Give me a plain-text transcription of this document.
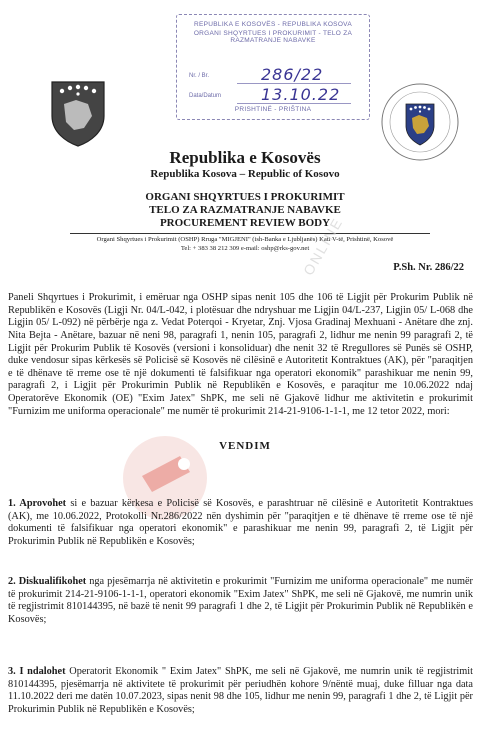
REPUBLIKA E KOSOVËS - REPUBLIKA KOSOVA
ORGANI SHQYRTUES I PROKURIMIT - TELO ZA RAZMATRANJE NABAVKE
Nr. / Br.	286/22
Data/Datum 13.10.22
PRISHTINË - PRIŠTINA
Republika e Kosovës
Republika Kosova – Republic of Kosovo
ORGANI SHQYRTUES I PROKURIMIT
TELO ZA RAZMATRANJE NABAVKE
PROCUREMENT REVIEW BODY
Organi Shqyrtues i Prokurimit (OSHP) Rruga "MIGJENI" (ish-Banka e Ljubljanës) Kati V-të, Prishtinë, Kosovë
Tel: + 383 38 212 309 e-mail: oshp@rks-gov.net
P.Sh. Nr. 286/22
ONLINE

Paneli Shqyrtues i Prokurimit, i emëruar nga OSHP sipas nenit 105 dhe 106 të Ligjit për Prokurim Publik në Republikën e Kosovës (Ligji Nr. 04/L-042, i plotësuar dhe ndryshuar me Ligjin 04/L-237, Ligjin 05/ L-068 dhe Ligjin 05/ L-092) në përbërje nga z. Vedat Poterqoi - Kryetar, Znj. Vjosa Gradinaj Mexhuani - Anëtare dhe znj. Nita Bejta - Anëtare, bazuar në neni 98, paragrafi 1, nenin 105, paragrafi 2, lidhur me nenin 99 paragrafi 2, të Ligjit për Prokurim Publik të Kosovës (versioni i konsoliduar) dhe nenit 32 të Rregullores së Punës së OSHP, duke vendosur sipas kërkesës së Policisë së Kosovës në cilësinë e Autoritetit Kontraktues (AK), për "paraqitjen e të dhënave të rreme ose të një dokumenti të falsifikuar nga operatori ekonomik" parashikuar me nenin 99, paragrafi 2, i Ligjit për Prokurimin Publik në Republikën e Kosovës, e paraqitur me 10.06.2022 ndaj Operatorëve Ekonomik (OE) "Exim Jatex" ShPK, me seli në Gjakovë lidhur me aktivitetin e prokurimit "Furnizim me uniforma operacionale" me numër të prokurimit 214-21-9106-1-1-1, me 12 tetor 2022, mori:

VENDIM

1. Aprovohet si e bazuar kërkesa e Policisë së Kosovës, e parashtruar në cilësinë e Autoritetit Kontraktues (AK), me 10.06.2022, Protokolli Nr.286/2022 nën dyshimin për "paraqitjen e të dhënave të rreme ose të një dokumenti të falsifikuar nga operatori ekonomik" e parashikuar me nenin 99, paragrafi 2, të Ligjit për Prokurimin Publik në Republikën e Kosovës;

2. Diskualifikohet nga pjesëmarrja në aktivitetin e prokurimit "Furnizim me uniforma operacionale" me numër të prokurimit 214-21-9106-1-1-1, operatori ekonomik "Exim Jatex" ShPK, me seli në Gjakovë, me numrin unik të regjistrimit 810144395, në bazë të nenit 99 paragrafi 1 dhe 2, të Ligjit për Prokurimin Publik në Republikën e Kosovës;

3. I ndalohet Operatorit Ekonomik " Exim Jatex" ShPK, me seli në Gjakovë, me numrin unik të regjistrimit 810144395, pjesëmarrja në aktivitete të prokurimit për periudhën kohore 9/nëntë muaj, duke filluar nga data 11.10.2022 deri me datën 10.07.2023, sipas nenit 98 dhe 105, lidhur me nenin 99, paragrafi 1 dhe 2, të Ligjit për Prokurimin Publik në Republikën e Kosovës;
